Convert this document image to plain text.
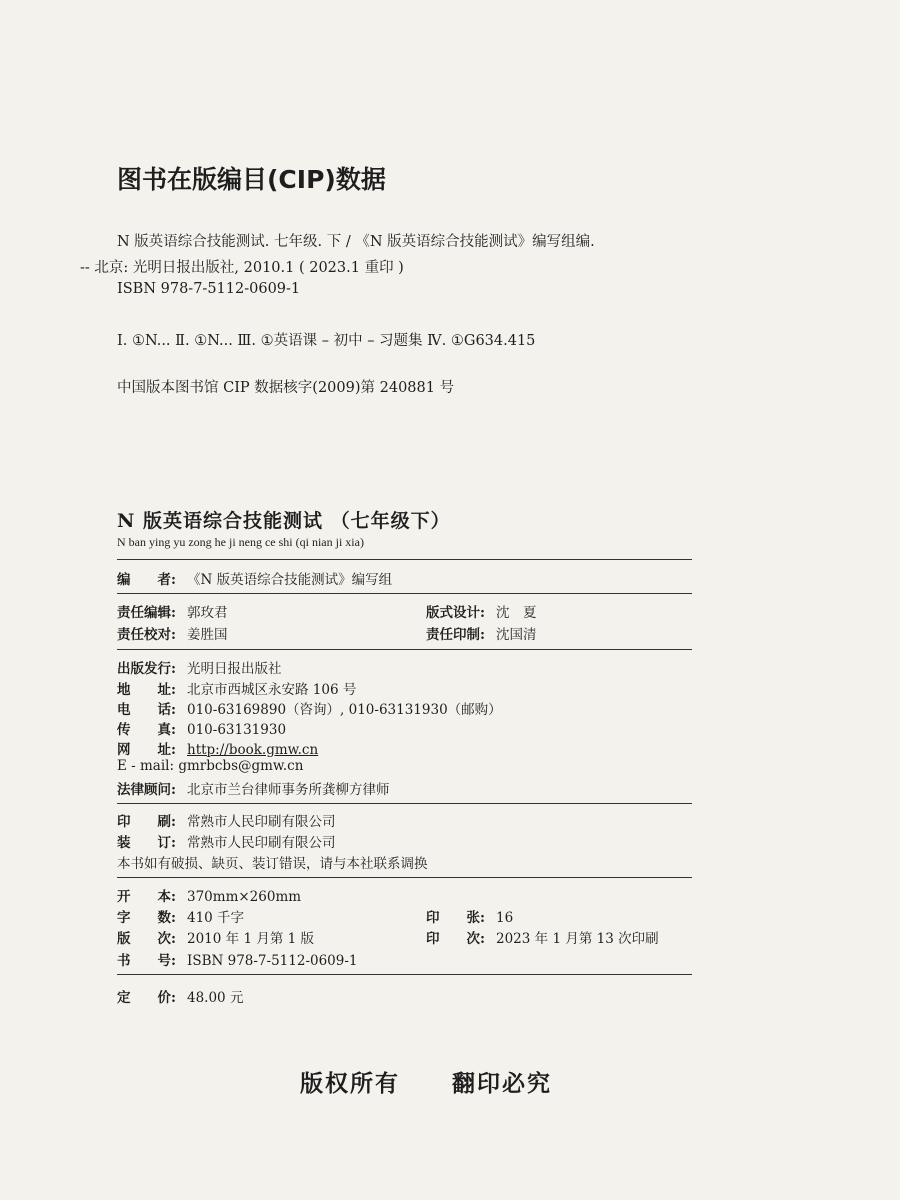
图书在版编目(CIP)数据
N 版英语综合技能测试. 七年级. 下 / 《N 版英语综合技能测试》编写组编.
-- 北京: 光明日报出版社, 2010.1 ( 2023.1 重印 )
ISBN 978-7-5112-0609-1
Ⅰ. ①N... Ⅱ. ①N... Ⅲ. ①英语课 – 初中 – 习题集 Ⅳ. ①G634.415
中国版本图书馆 CIP 数据核字(2009)第 240881 号
N 版英语综合技能测试 （七年级下）
N ban ying yu zong he ji neng ce shi (qi nian ji xia)
编　　者: 《N 版英语综合技能测试》编写组
责任编辑: 郭玫君	版式设计: 沈　夏
责任校对: 姜胜国	责任印制: 沈国清
出版发行: 光明日报出版社
地　　址: 北京市西城区永安路 106 号
电　　话: 010-63169890（咨询）, 010-63131930（邮购）
传　　真: 010-63131930
网　　址: http://book.gmw.cn
E - mail: gmrbcbs@gmw.cn
法律顾问: 北京市兰台律师事务所龚柳方律师
印　　刷: 常熟市人民印刷有限公司
装　　订: 常熟市人民印刷有限公司
本书如有破损、缺页、装订错误，请与本社联系调换
开　　本: 370mm×260mm
字　　数: 410 千字	印　　张: 16
版　　次: 2010 年 1 月第 1 版	印　　次: 2023 年 1 月第 13 次印刷
书　　号: ISBN 978-7-5112-0609-1
定　　价: 48.00 元
版权所有 翻印必究
